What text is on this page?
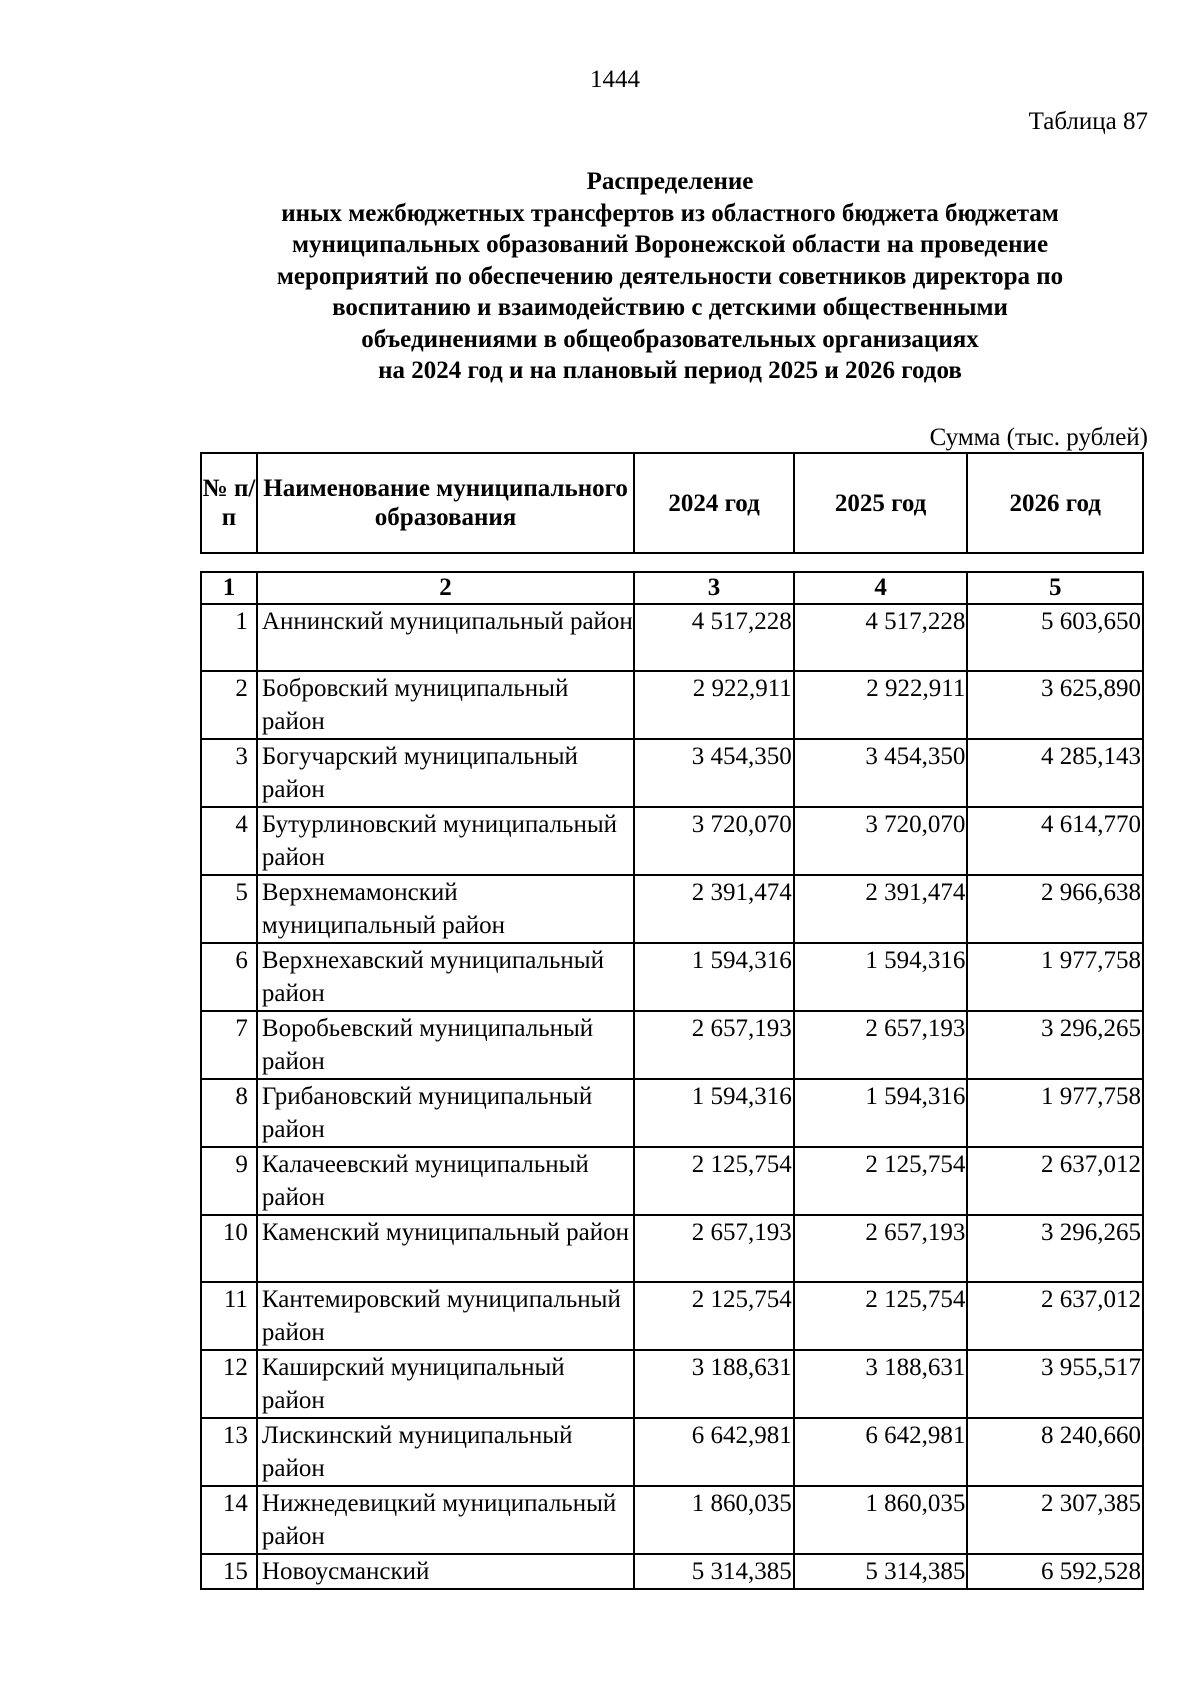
1444
Таблица 87
Распределение
иных межбюджетных трансфертов из областного бюджета бюджетам
муниципальных образований Воронежской области на проведение
мероприятий по обеспечению деятельности советников директора по
воспитанию и взаимодействию с детскими общественными
объединениями в общеобразовательных организациях
на 2024 год и на плановый период 2025 и 2026 годов
Сумма (тыс. рублей)
№ п/п	Наименование муниципального образования	2024 год	2025 год	2026 год
1	2	3	4	5
1	Аннинский муниципальный район	4 517,228	4 517,228	5 603,650
2	Бобровский муниципальный район	2 922,911	2 922,911	3 625,890
3	Богучарский муниципальный район	3 454,350	3 454,350	4 285,143
4	Бутурлиновский муниципальный район	3 720,070	3 720,070	4 614,770
5	Верхнемамонский муниципальный район	2 391,474	2 391,474	2 966,638
6	Верхнехавский муниципальный район	1 594,316	1 594,316	1 977,758
7	Воробьевский муниципальный район	2 657,193	2 657,193	3 296,265
8	Грибановский муниципальный район	1 594,316	1 594,316	1 977,758
9	Калачеевский муниципальный район	2 125,754	2 125,754	2 637,012
10	Каменский муниципальный район	2 657,193	2 657,193	3 296,265
11	Кантемировский муниципальный район	2 125,754	2 125,754	2 637,012
12	Каширский муниципальный район	3 188,631	3 188,631	3 955,517
13	Лискинский муниципальный район	6 642,981	6 642,981	8 240,660
14	Нижнедевицкий муниципальный район	1 860,035	1 860,035	2 307,385
15	Новоусманский	5 314,385	5 314,385	6 592,528
